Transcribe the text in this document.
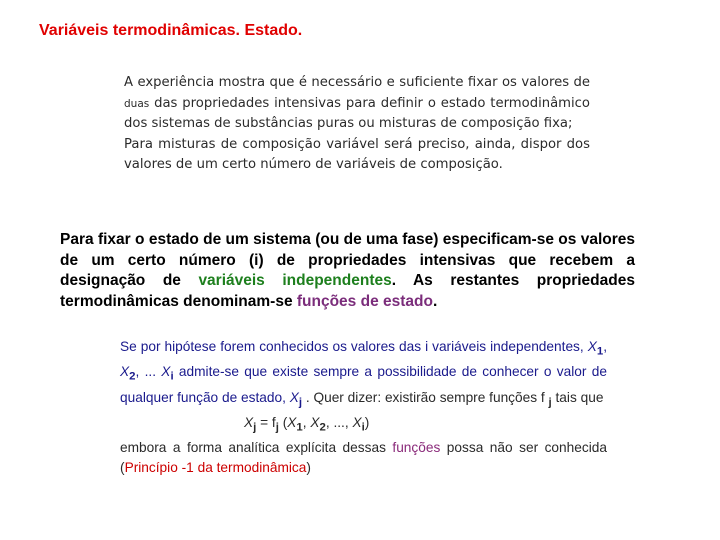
Variáveis termodinâmicas. Estado.

A experiência mostra que é necessário e suficiente fixar os valores de duas das propriedades intensivas para definir o estado termodinâmico dos sistemas de substâncias puras ou misturas de composição fixa;

Para misturas de composição variável será preciso, ainda, dispor dos valores de um certo número de variáveis de composição.

Para fixar o estado de um sistema (ou de uma fase) especificam-se os valores de um certo número (i) de propriedades intensivas que recebem a designação de variáveis independentes. As restantes propriedades termodinâmicas denominam-se funções de estado.

Se por hipótese forem conhecidos os valores das i variáveis independentes, $X_1$, $X_2$, ... $X_i$ admite-se que existe sempre a possibilidade de conhecer o valor de qualquer função de estado, $X_j$ . Quer dizer: existirão sempre funções f $_j$ tais que

$X_j = f_j$ ($X_1$, $X_2$, ..., $X_i$)

embora a forma analítica explícita dessas funções possa não ser conhecida (Princípio -1 da termodinâmica)
